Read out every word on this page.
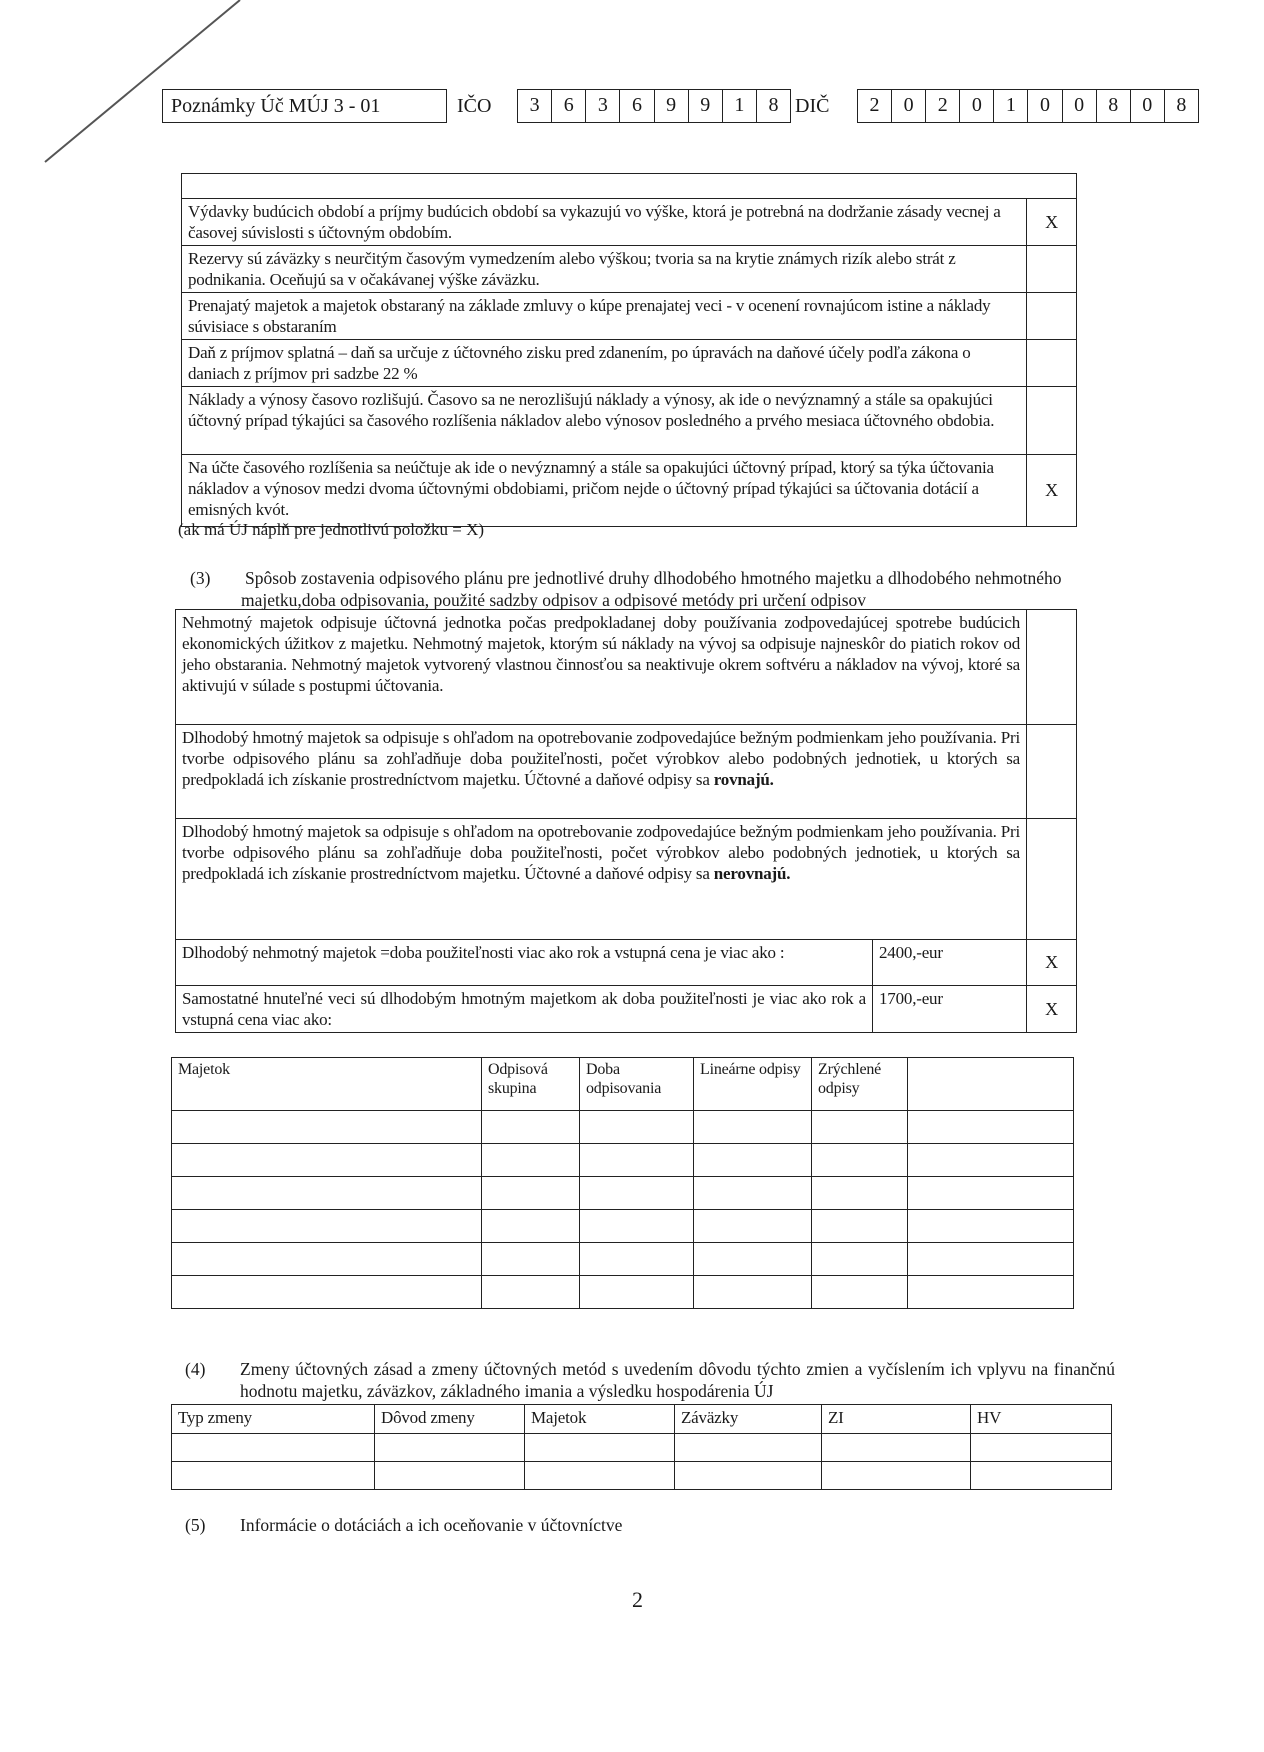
Poznámky Úč MÚJ 3 - 01	IČO	3	6	3	6	9	9	1	8 DIČ	2	0	2	0	1	0	0	8	0	8

Výdavky budúcich období a príjmy budúcich období sa vykazujú vo výške, ktorá je potrebná na dodržanie zásady vecnej a časovej súvislosti s účtovným obdobím.	X
Rezervy sú záväzky s neurčitým časovým vymedzením alebo výškou; tvoria sa na krytie známych rizík alebo strát z podnikania. Oceňujú sa v očakávanej výške záväzku.	
Prenajatý majetok a majetok obstaraný na základe zmluvy o kúpe prenajatej veci - v ocenení rovnajúcom istine a náklady súvisiace s obstaraním	
Daň z príjmov splatná – daň sa určuje z účtovného zisku pred zdanením, po úpravách na daňové účely podľa zákona o daniach z príjmov pri sadzbe 22 %	
Náklady a výnosy časovo rozlišujú. Časovo sa ne nerozlišujú náklady a výnosy, ak ide o nevýznamný a stále sa opakujúci účtovný prípad týkajúci sa časového rozlíšenia nákladov alebo výnosov posledného a prvého mesiaca účtovného obdobia.	
Na účte časového rozlíšenia sa neúčtuje ak ide o nevýznamný a stále sa opakujúci účtovný prípad, ktorý sa týka účtovania nákladov a výnosov medzi dvoma účtovnými obdobiami, pričom nejde o účtovný prípad týkajúci sa účtovania dotácií a emisných kvót.	X
(ak má ÚJ náplň pre jednotlivú položku = X)
(3) Spôsob zostavenia odpisového plánu pre jednotlivé druhy dlhodobého hmotného majetku a dlhodobého nehmotného majetku,doba odpisovania, použité sadzby odpisov a odpisové metódy pri určení odpisov
Nehmotný majetok odpisuje účtovná jednotka počas predpokladanej doby používania zodpovedajúcej spotrebe budúcich ekonomických úžitkov z majetku. Nehmotný majetok, ktorým sú náklady na vývoj sa odpisuje najneskôr do piatich rokov od jeho obstarania. Nehmotný majetok vytvorený vlastnou činnosťou sa neaktivuje okrem softvéru a nákladov na vývoj, ktoré sa aktivujú v súlade s postupmi účtovania.		
Dlhodobý hmotný majetok sa odpisuje s ohľadom na opotrebovanie zodpovedajúce bežným podmienkam jeho používania. Pri tvorbe odpisového plánu sa zohľadňuje doba použiteľnosti, počet výrobkov alebo podobných jednotiek, u ktorých sa predpokladá ich získanie prostredníctvom majetku. Účtovné a daňové odpisy sa rovnajú.		
Dlhodobý hmotný majetok sa odpisuje s ohľadom na opotrebovanie zodpovedajúce bežným podmienkam jeho používania. Pri tvorbe odpisového plánu sa zohľadňuje doba použiteľnosti, počet výrobkov alebo podobných jednotiek, u ktorých sa predpokladá ich získanie prostredníctvom majetku. Účtovné a daňové odpisy sa nerovnajú.		
Dlhodobý nehmotný majetok =doba použiteľnosti viac ako rok a vstupná cena je viac ako :	2400,-eur	X
Samostatné hnuteľné veci sú dlhodobým hmotným majetkom ak doba použiteľnosti je viac ako rok a vstupná cena viac ako:	1700,-eur	X
Majetok	Odpisová skupina	Doba odpisovania	Lineárne odpisy	Zrýchlené odpisy	

(4) Zmeny účtovných zásad a zmeny účtovných metód s uvedením dôvodu týchto zmien a vyčíslením ich vplyvu na finančnú hodnotu majetku, záväzkov, základného imania a výsledku hospodárenia ÚJ
Typ zmeny	Dôvod zmeny	Majetok	Záväzky	ZI	HV

(5) Informácie o dotáciách a ich oceňovanie v účtovníctve
2
